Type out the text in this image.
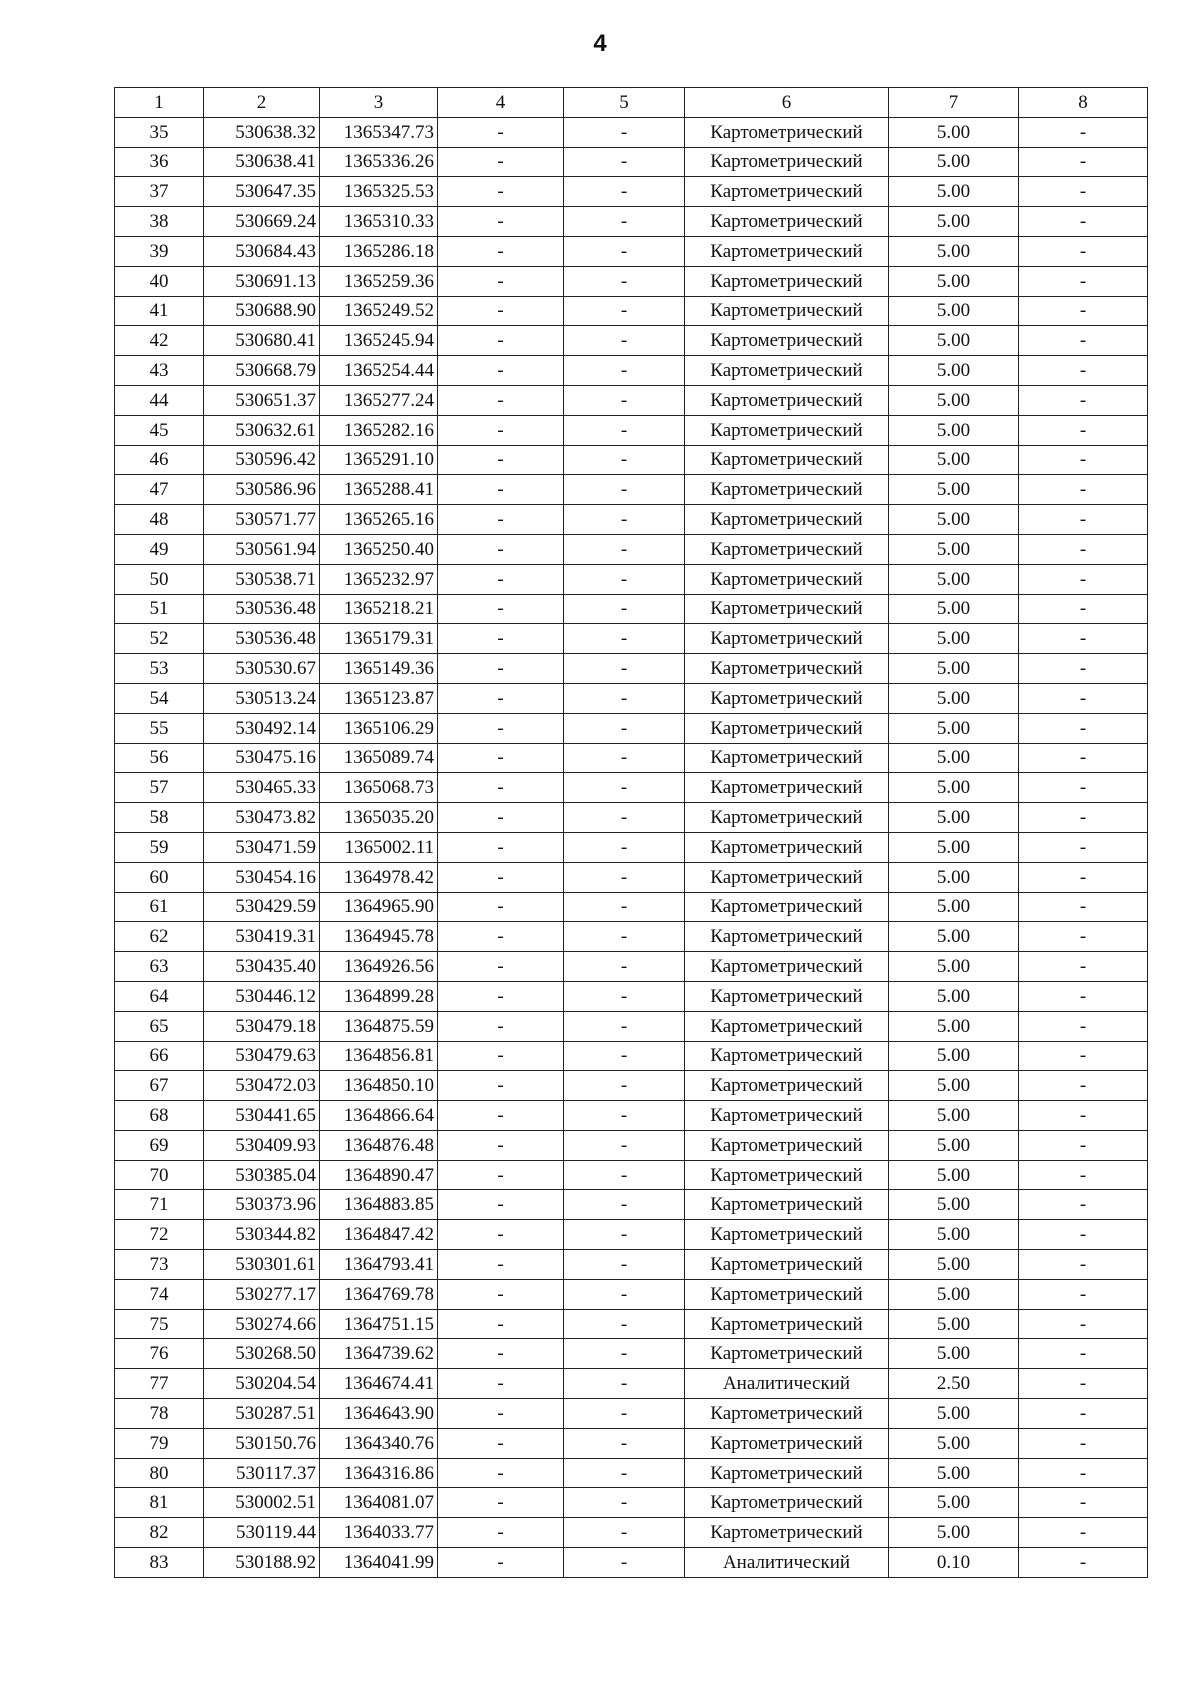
4
1	2	3	4	5	6	7	8
35	530638.32	1365347.73	-	-	Картометрический	5.00	-
36	530638.41	1365336.26	-	-	Картометрический	5.00	-
37	530647.35	1365325.53	-	-	Картометрический	5.00	-
38	530669.24	1365310.33	-	-	Картометрический	5.00	-
39	530684.43	1365286.18	-	-	Картометрический	5.00	-
40	530691.13	1365259.36	-	-	Картометрический	5.00	-
41	530688.90	1365249.52	-	-	Картометрический	5.00	-
42	530680.41	1365245.94	-	-	Картометрический	5.00	-
43	530668.79	1365254.44	-	-	Картометрический	5.00	-
44	530651.37	1365277.24	-	-	Картометрический	5.00	-
45	530632.61	1365282.16	-	-	Картометрический	5.00	-
46	530596.42	1365291.10	-	-	Картометрический	5.00	-
47	530586.96	1365288.41	-	-	Картометрический	5.00	-
48	530571.77	1365265.16	-	-	Картометрический	5.00	-
49	530561.94	1365250.40	-	-	Картометрический	5.00	-
50	530538.71	1365232.97	-	-	Картометрический	5.00	-
51	530536.48	1365218.21	-	-	Картометрический	5.00	-
52	530536.48	1365179.31	-	-	Картометрический	5.00	-
53	530530.67	1365149.36	-	-	Картометрический	5.00	-
54	530513.24	1365123.87	-	-	Картометрический	5.00	-
55	530492.14	1365106.29	-	-	Картометрический	5.00	-
56	530475.16	1365089.74	-	-	Картометрический	5.00	-
57	530465.33	1365068.73	-	-	Картометрический	5.00	-
58	530473.82	1365035.20	-	-	Картометрический	5.00	-
59	530471.59	1365002.11	-	-	Картометрический	5.00	-
60	530454.16	1364978.42	-	-	Картометрический	5.00	-
61	530429.59	1364965.90	-	-	Картометрический	5.00	-
62	530419.31	1364945.78	-	-	Картометрический	5.00	-
63	530435.40	1364926.56	-	-	Картометрический	5.00	-
64	530446.12	1364899.28	-	-	Картометрический	5.00	-
65	530479.18	1364875.59	-	-	Картометрический	5.00	-
66	530479.63	1364856.81	-	-	Картометрический	5.00	-
67	530472.03	1364850.10	-	-	Картометрический	5.00	-
68	530441.65	1364866.64	-	-	Картометрический	5.00	-
69	530409.93	1364876.48	-	-	Картометрический	5.00	-
70	530385.04	1364890.47	-	-	Картометрический	5.00	-
71	530373.96	1364883.85	-	-	Картометрический	5.00	-
72	530344.82	1364847.42	-	-	Картометрический	5.00	-
73	530301.61	1364793.41	-	-	Картометрический	5.00	-
74	530277.17	1364769.78	-	-	Картометрический	5.00	-
75	530274.66	1364751.15	-	-	Картометрический	5.00	-
76	530268.50	1364739.62	-	-	Картометрический	5.00	-
77	530204.54	1364674.41	-	-	Аналитический	2.50	-
78	530287.51	1364643.90	-	-	Картометрический	5.00	-
79	530150.76	1364340.76	-	-	Картометрический	5.00	-
80	530117.37	1364316.86	-	-	Картометрический	5.00	-
81	530002.51	1364081.07	-	-	Картометрический	5.00	-
82	530119.44	1364033.77	-	-	Картометрический	5.00	-
83	530188.92	1364041.99	-	-	Аналитический	0.10	-
